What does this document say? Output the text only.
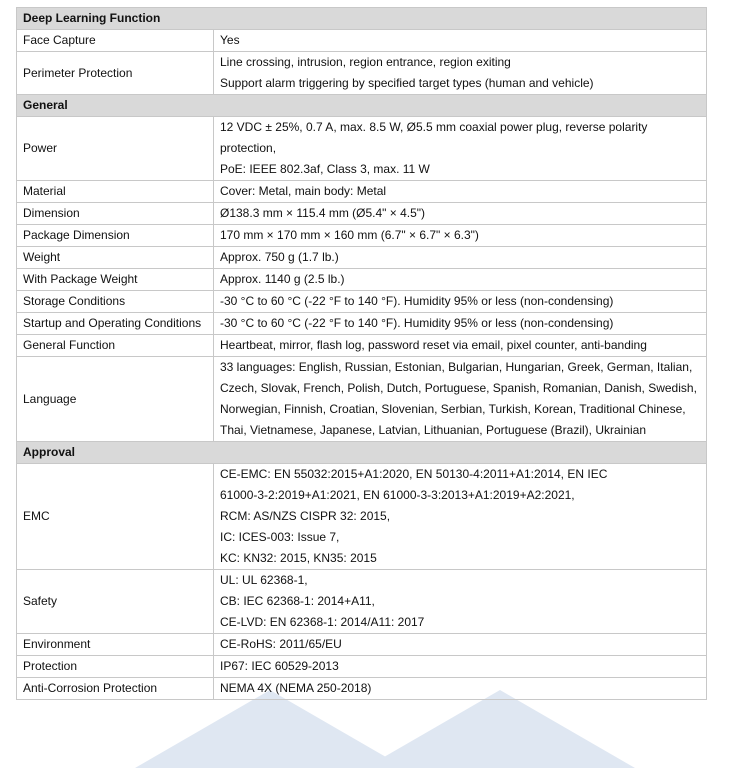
Deep Learning Function	

Face Capture	Yes

Perimeter Protection	Line crossing, intrusion, region entrance, region exiting
Support alarm triggering by specified target types (human and vehicle)

General	

Power	12 VDC ± 25%, 0.7 A, max. 8.5 W, Ø5.5 mm coaxial power plug, reverse polarity protection,
PoE: IEEE 802.3af, Class 3, max. 11 W

Material	Cover: Metal, main body: Metal

Dimension	Ø138.3 mm × 115.4 mm (Ø5.4" × 4.5")

Package Dimension	170 mm × 170 mm × 160 mm (6.7" × 6.7" × 6.3")

Weight	Approx. 750 g (1.7 lb.)

With Package Weight	Approx. 1140 g (2.5 lb.)

Storage Conditions	-30 °C to 60 °C (-22 °F to 140 °F). Humidity 95% or less (non-condensing)

Startup and Operating Conditions	-30 °C to 60 °C (-22 °F to 140 °F). Humidity 95% or less (non-condensing)

General Function	Heartbeat, mirror, flash log, password reset via email, pixel counter, anti-banding

Language	33 languages: English, Russian, Estonian, Bulgarian, Hungarian, Greek, German, Italian,
Czech, Slovak, French, Polish, Dutch, Portuguese, Spanish, Romanian, Danish, Swedish,
Norwegian, Finnish, Croatian, Slovenian, Serbian, Turkish, Korean, Traditional Chinese,
Thai, Vietnamese, Japanese, Latvian, Lithuanian, Portuguese (Brazil), Ukrainian

Approval	

EMC	CE-EMC: EN 55032:2015+A1:2020, EN 50130-4:2011+A1:2014, EN IEC
61000-3-2:2019+A1:2021, EN 61000-3-3:2013+A1:2019+A2:2021,
RCM: AS/NZS CISPR 32: 2015,
IC: ICES-003: Issue 7,
KC: KN32: 2015, KN35: 2015

Safety	UL: UL 62368-1,
CB: IEC 62368-1: 2014+A11,
CE-LVD: EN 62368-1: 2014/A11: 2017

Environment	CE-RoHS: 2011/65/EU

Protection	IP67: IEC 60529-2013

Anti-Corrosion Protection	NEMA 4X (NEMA 250-2018)
